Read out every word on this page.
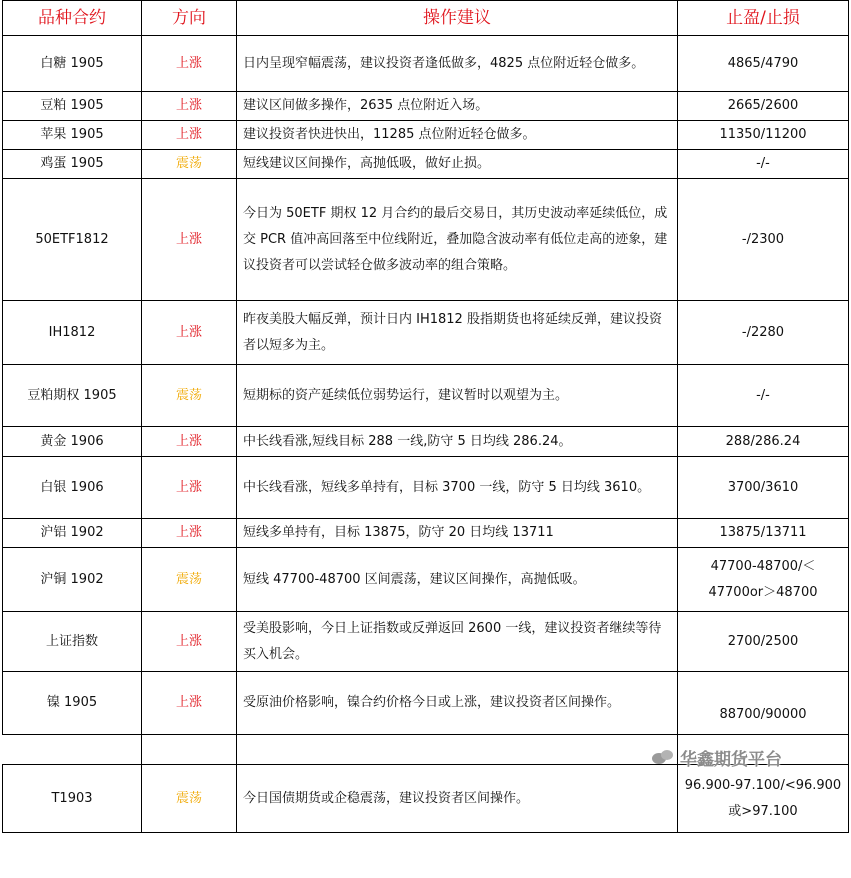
品种合约	方向	操作建议	止盈/止损
白糖 1905	上涨	日内呈现窄幅震荡，建议投资者逢低做多，4825 点位附近轻仓做多。	4865/4790
豆粕 1905	上涨	建议区间做多操作，2635 点位附近入场。	2665/2600
苹果 1905	上涨	建议投资者快进快出，11285 点位附近轻仓做多。	11350/11200
鸡蛋 1905	震荡	短线建议区间操作，高抛低吸，做好止损。	-/-
50ETF1812	上涨	今日为 50ETF 期权 12 月合约的最后交易日，其历史波动率延续低位，成交 PCR 值冲高回落至中位线附近，叠加隐含波动率有低位走高的迹象，建议投资者可以尝试轻仓做多波动率的组合策略。	-/2300
IH1812	上涨	昨夜美股大幅反弹，预计日内 IH1812 股指期货也将延续反弹，建议投资者以短多为主。	-/2280
豆粕期权 1905	震荡	短期标的资产延续低位弱势运行，建议暂时以观望为主。	-/-
黄金 1906	上涨	中长线看涨,短线目标 288 一线,防守 5 日均线 286.24。	288/286.24
白银 1906	上涨	中长线看涨，短线多单持有，目标 3700 一线，防守 5 日均线 3610。	3700/3610
沪铝 1902	上涨	短线多单持有，目标 13875，防守 20 日均线 13711	13875/13711
沪铜 1902	震荡	短线 47700-48700 区间震荡，建议区间操作，高抛低吸。	47700-48700/＜47700or＞48700
上证指数	上涨	受美股影响，今日上证指数或反弹返回 2600 一线，建议投资者继续等待买入机会。	2700/2500
镍 1905	上涨	受原油价格影响，镍合约价格今日或上涨，建议投资者区间操作。	88700/90000

T1903	震荡	今日国债期货或企稳震荡，建议投资者区间操作。	96.900-97.100/<96.900 或>97.100
华鑫期货平台
